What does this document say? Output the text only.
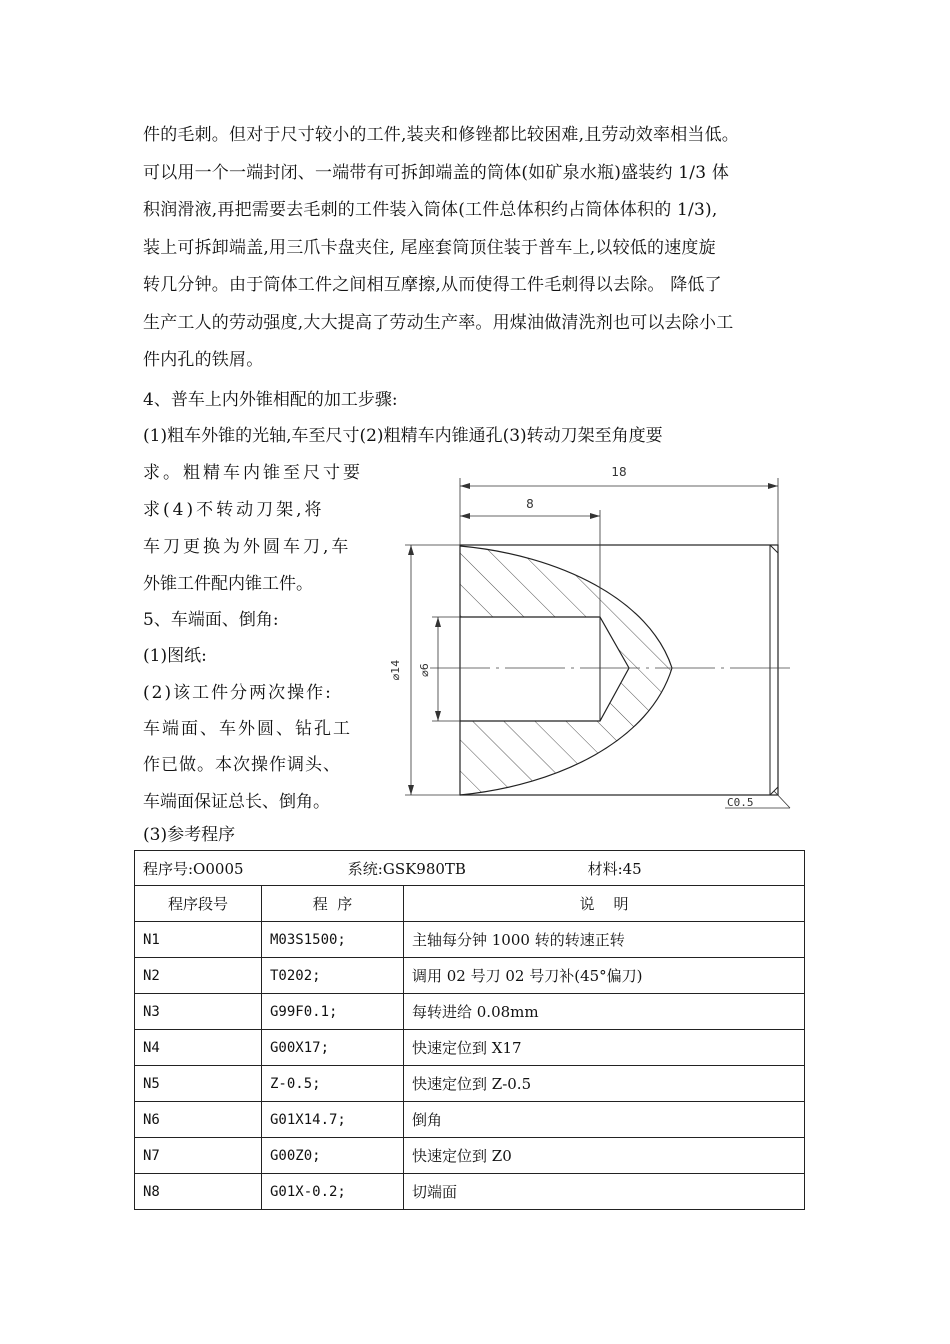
件的毛刺。但对于尺寸较小的工件,装夹和修锉都比较困难,且劳动效率相当低。
可以用一个一端封闭、一端带有可拆卸端盖的筒体(如矿泉水瓶)盛装约 1/3 体
积润滑液,再把需要去毛刺的工件装入筒体(工件总体积约占筒体体积的 1/3),
装上可拆卸端盖,用三爪卡盘夹住, 尾座套筒顶住装于普车上,以较低的速度旋
转几分钟。由于筒体工件之间相互摩擦,从而使得工件毛刺得以去除。 降低了
生产工人的劳动强度,大大提高了劳动生产率。用煤油做清洗剂也可以去除小工
件内孔的铁屑。
4、普车上内外锥相配的加工步骤:
(1)粗车外锥的光轴,车至尺寸(2)粗精车内锥通孔(3)转动刀架至角度要
求。粗精车内锥至尺寸要
求(4)不转动刀架,将
车刀更换为外圆车刀,车
外锥工件配内锥工件。
5、车端面、倒角:
(1)图纸:
(2)该工件分两次操作:
车端面、车外圆、钻孔工
作已做。本次操作调头、
车端面保证总长、倒角。
(3)参考程序
18
8
⌀14 ⌀6
C0.5
程序号:O0005 系统:GSK980TB 材料:45		
程序段号	程  序	说    明
N1	M03S1500;	主轴每分钟 1000 转的转速正转
N2	T0202;	调用 02 号刀 02 号刀补(45°偏刀)
N3	G99F0.1;	每转进给 0.08mm
N4	G00X17;	快速定位到 X17
N5	Z-0.5;	快速定位到 Z-0.5
N6	G01X14.7;	倒角
N7	G00Z0;	快速定位到 Z0
N8	G01X-0.2;	切端面
